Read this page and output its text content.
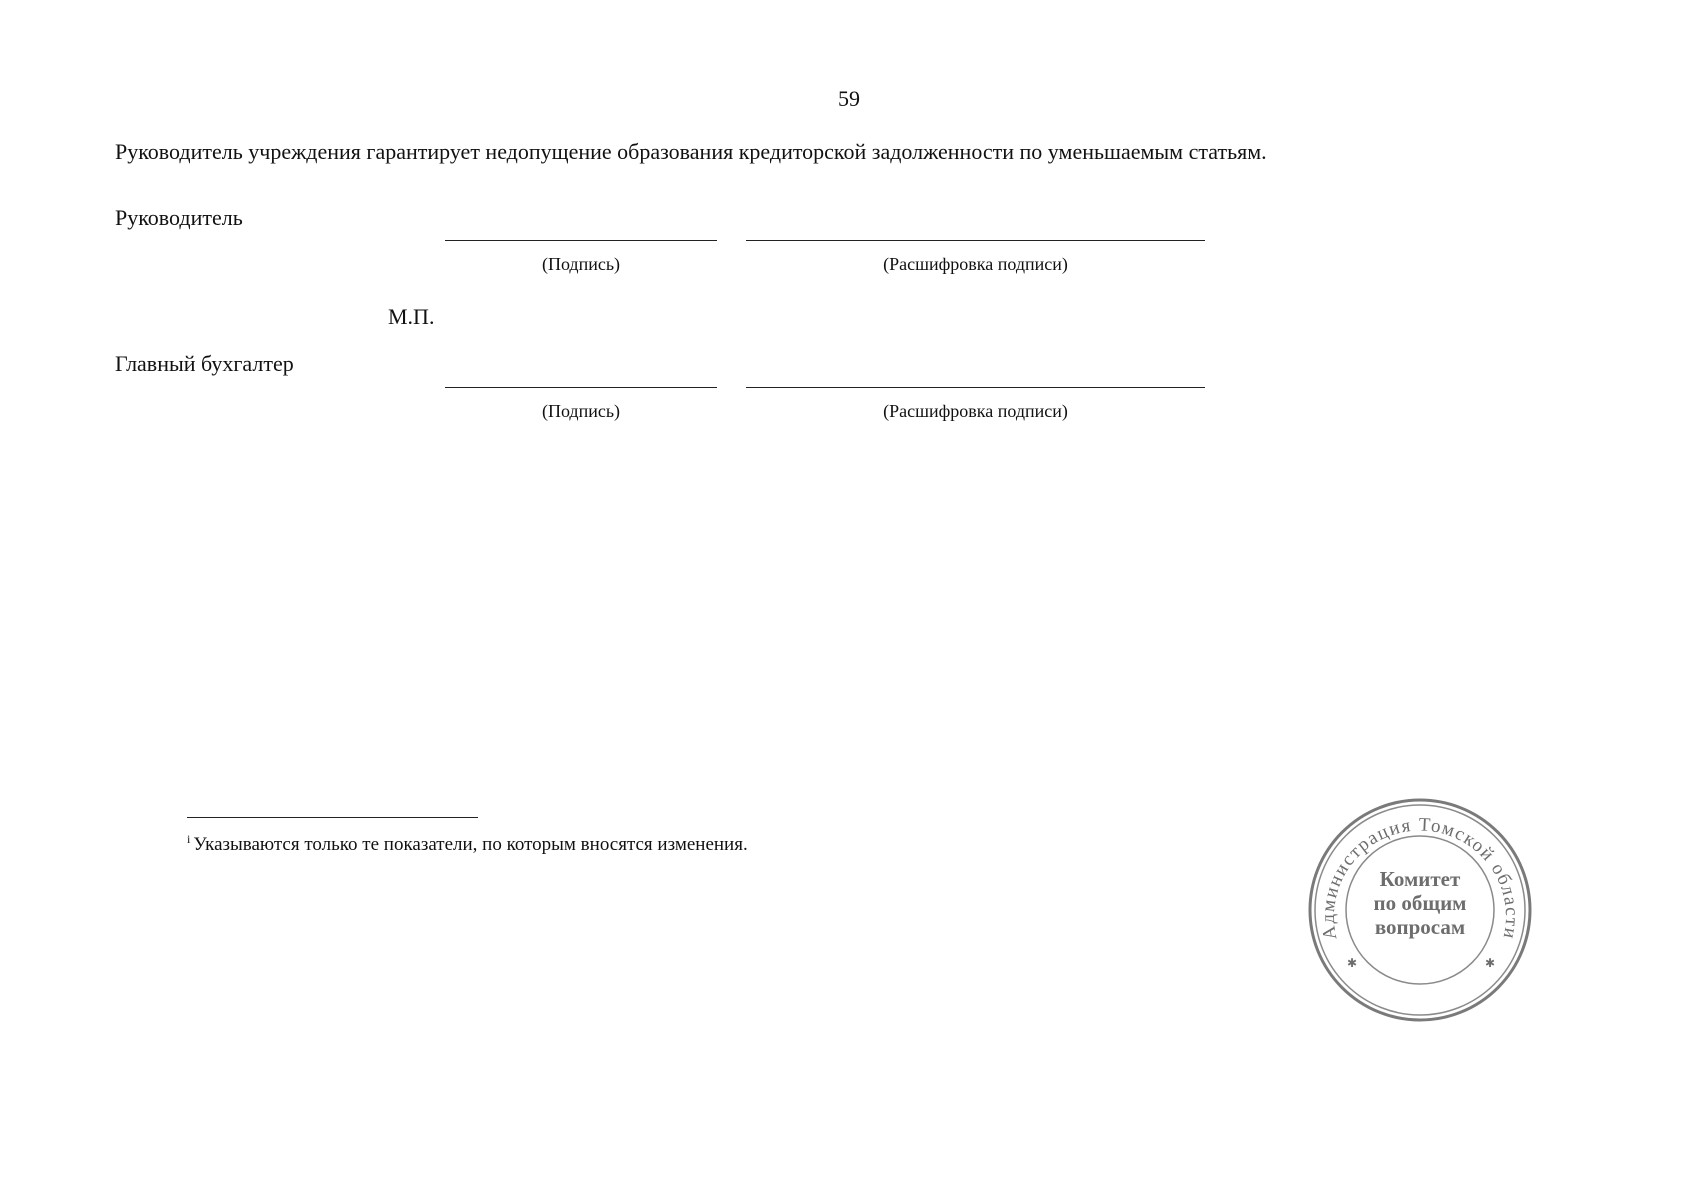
59
Руководитель учреждения гарантирует недопущение образования кредиторской задолженности по уменьшаемым статьям.
Руководитель
(Подпись)	(Расшифровка подписи)
М.П.
Главный бухгалтер
(Подпись)	(Расшифровка подписи)
$^i$ Указываются только те показатели, по которым вносятся изменения.
Администрация Томской области
✱	✱
Комитет
по общим
вопросам
